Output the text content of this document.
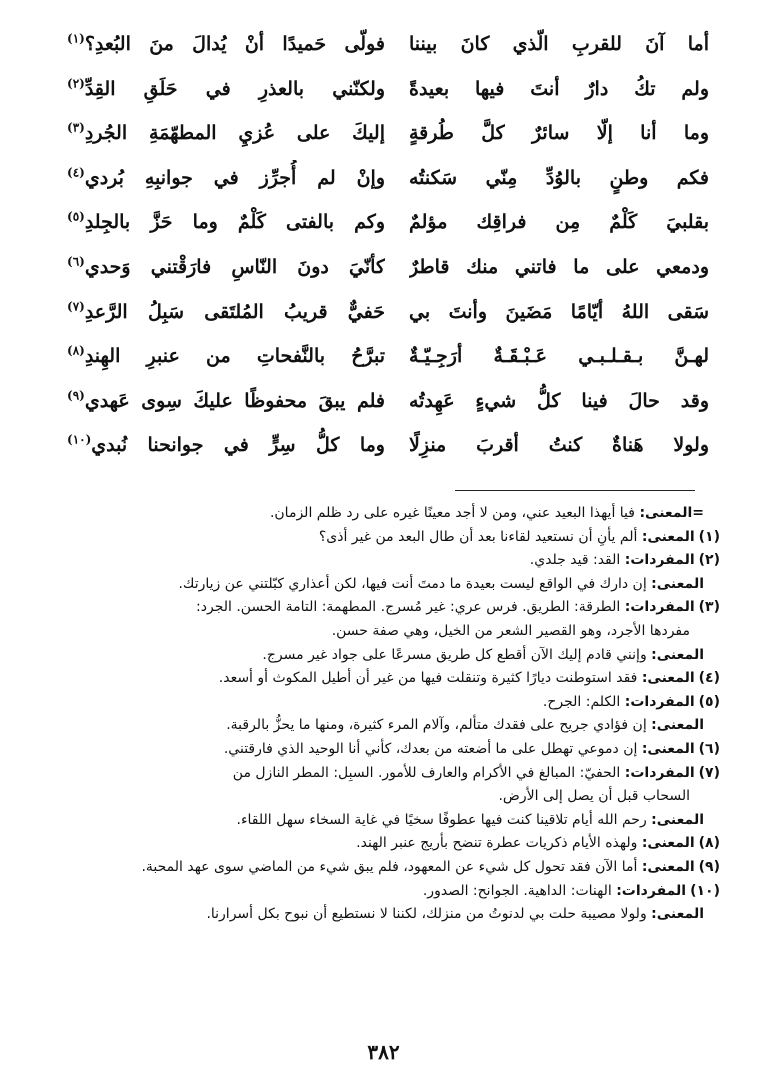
أما آنَ للقربِ الّذي كانَ بيننا
فولّى حَميدًا أنْ يُدالَ منَ البُعدِ؟$^{(١)}$
ولم تكُ دارٌ أنتَ فيها بعيدةً
ولكنّني بالعذرِ في حَلَقِ القِدِّ$^{(٢)}$
وما أنا إلّا سائرٌ كلَّ طُرقةٍ
إليكَ على عُزيِ المطهّمَةِ الجُردِ$^{(٣)}$
فكم وطنٍ بالوُدِّ مِنّي سَكنتُه
وإنْ لم أُجرِّز في جوانبِهِ بُردي$^{(٤)}$
بقلبيَ كَلْمٌ مِن فراقِك مؤلمٌ
وكم بالفتى كَلْمٌ وما حَزَّ بالجِلدِ$^{(٥)}$
ودمعي على ما فاتني منك قاطرٌ
كأنّيَ دونَ النّاسِ فارَقْتني وَحدي$^{(٦)}$
سَقى اللهُ أيّامًا مَضَينَ وأنتَ بي
حَفيٌّ قريبُ المُلتَقى سَبِلُ الرَّعدِ$^{(٧)}$
لهـنَّ بـقـلـبـي عَـبْـقَـةٌ أرَجِـيّـةٌ
تبرَّحُ بالنَّفحاتِ من عنبرِ الهِندِ$^{(٨)}$
وقد حالَ فينا كلُّ شيءٍ عَهِدتُه
فلم يبقَ محفوظًا عليكَ سِوى عَهدي$^{(٩)}$
ولولا هَناةٌ كنتُ أقربَ منزِلًا
وما كلُّ سِرٍّ في جوانحنا نُبدي$^{(١٠)}$
=المعنى: فيا أيهذا البعيد عني، ومن لا أجد معينًا غيره على رد ظلم الزمان.
(١)المعنى: ألم يأنِ أن نستعيد لقاءنا بعد أن طال البعد من غير أذى؟
(٢)المفردات: القد: قيد جلدي.
المعنى: إن دارك في الواقع ليست بعيدة ما دمتَ أنت فيها، لكن أعذاري كبّلتني عن زيارتك.
(٣)المفردات: الطرقة: الطريق. فرس عري: غير مُسرج. المطهمة: التامة الحسن. الجرد:
مفردها الأجرد، وهو القصير الشعر من الخيل، وهي صفة حسن.
المعنى: وإنني قادم إليك الآن أقطع كل طريق مسرعًا على جواد غير مسرج.
(٤)المعنى: فقد استوطنت ديارًا كثيرة وتنقلت فيها من غير أن أطيل المكوث أو أسعد.
(٥)المفردات: الكلم: الجرح.
المعنى: إن فؤادي جريح على فقدك متألم، وآلام المرء كثيرة، ومنها ما يحزُّ بالرقبة.
(٦)المعنى: إن دموعي تهطل على ما أضعته من بعدك، كأني أنا الوحيد الذي فارقتني.
(٧)المفردات: الحفيّ: المبالغ في الأكرام والعارف للأمور. السبِل: المطر النازل من
السحاب قبل أن يصل إلى الأرض.
المعنى: رحم الله أيام تلاقينا كنت فيها عطوفًا سخيًا في غاية السخاء سهل اللقاء.
(٨)المعنى: ولهذه الأيام ذكريات عطرة تنضح بأريج عنبر الهند.
(٩)المعنى: أما الآن فقد تحول كل شيء عن المعهود، فلم يبق شيء من الماضي سوى عهد المحبة.
(١٠)المفردات: الهنات: الداهية. الجوانح: الصدور.
المعنى: ولولا مصيبة حلت بي لدنوتُ من منزلك، لكننا لا نستطيع أن نبوح بكل أسرارنا.
٣٨٢
